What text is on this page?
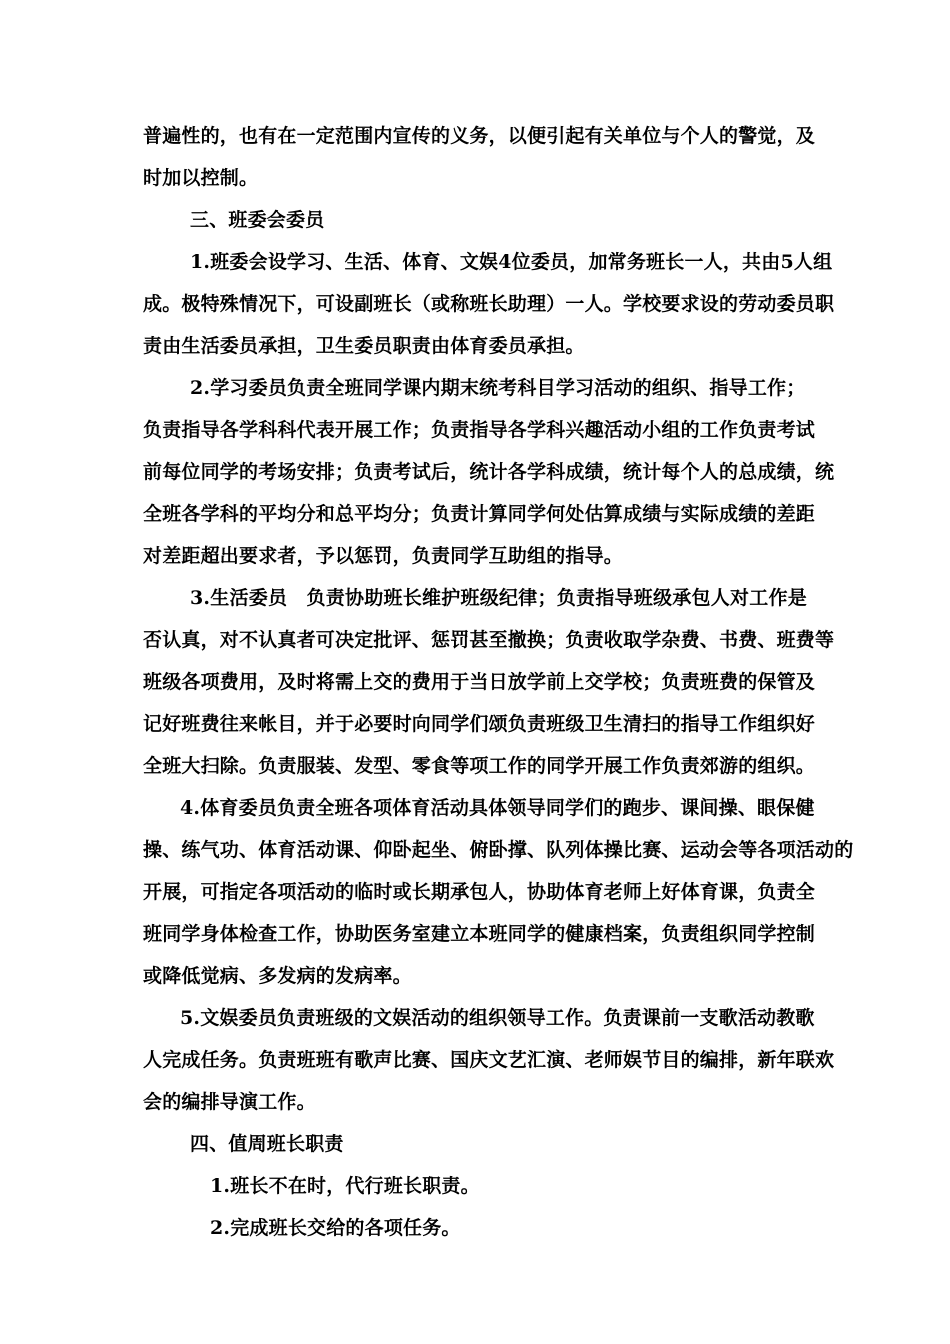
普遍性的，也有在一定范围内宣传的义务，以便引起有关单位与个人的警觉，及
时加以控制。
三、班委会委员
1.班委会设学习、生活、体育、文娱4位委员，加常务班长一人，共由5人组
成。极特殊情况下，可设副班长（或称班长助理）一人。学校要求设的劳动委员职
责由生活委员承担，卫生委员职责由体育委员承担。
2.学习委员负责全班同学课内期末统考科目学习活动的组织、指导工作；
负责指导各学科科代表开展工作；负责指导各学科兴趣活动小组的工作负责考试
前每位同学的考场安排；负责考试后，统计各学科成绩，统计每个人的总成绩，统
全班各学科的平均分和总平均分；负责计算同学何处估算成绩与实际成绩的差距
对差距超出要求者，予以惩罚，负责同学互助组的指导。
3.生活委员　负责协助班长维护班级纪律；负责指导班级承包人对工作是
否认真，对不认真者可决定批评、惩罚甚至撤换；负责收取学杂费、书费、班费等
班级各项费用，及时将需上交的费用于当日放学前上交学校；负责班费的保管及
记好班费往来帐目，并于必要时向同学们颂负责班级卫生清扫的指导工作组织好
全班大扫除。负责服装、发型、零食等项工作的同学开展工作负责郊游的组织。
4.体育委员负责全班各项体育活动具体领导同学们的跑步、课间操、眼保健
操、练气功、体育活动课、仰卧起坐、俯卧撑、队列体操比赛、运动会等各项活动的
开展，可指定各项活动的临时或长期承包人，协助体育老师上好体育课，负责全
班同学身体检查工作，协助医务室建立本班同学的健康档案，负责组织同学控制
或降低觉病、多发病的发病率。
5.文娱委员负责班级的文娱活动的组织领导工作。负责课前一支歌活动教歌
人完成任务。负责班班有歌声比赛、国庆文艺汇演、老师娱节目的编排，新年联欢
会的编排导演工作。
四、值周班长职责
1.班长不在时，代行班长职责。
2.完成班长交给的各项任务。
